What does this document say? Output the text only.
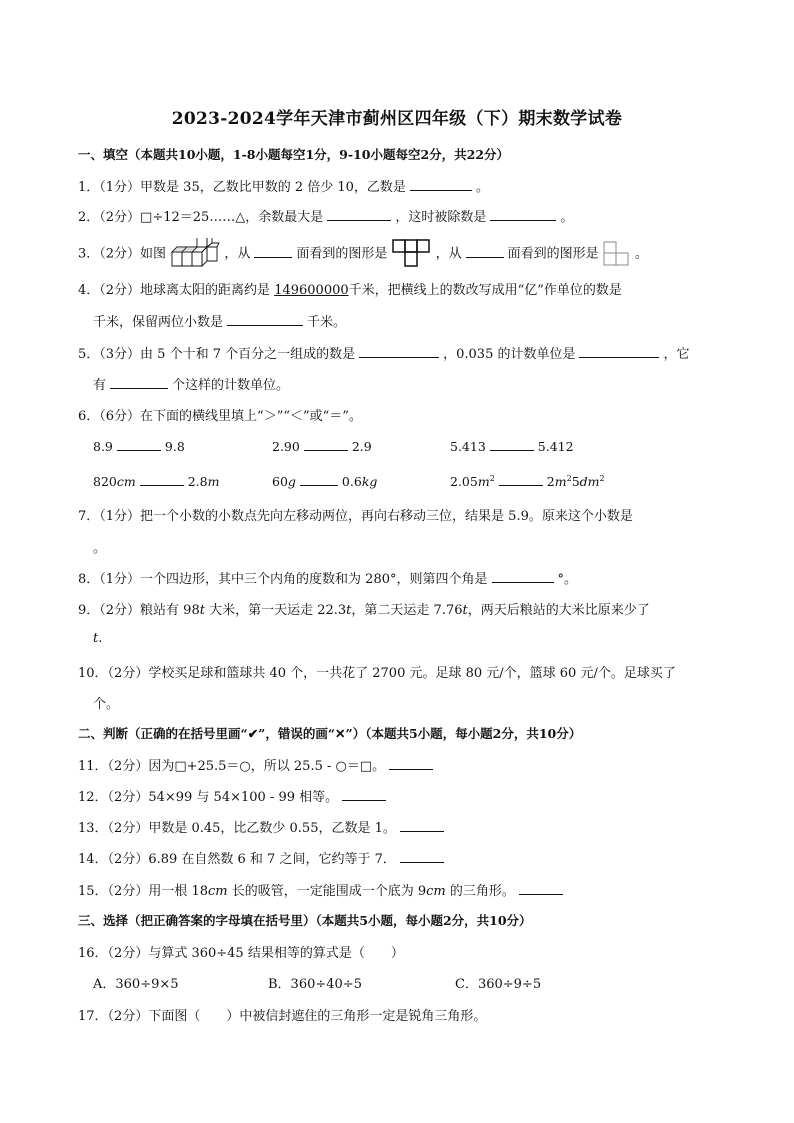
2023-2024学年天津市蓟州区四年级（下）期末数学试卷
一、填空（本题共10小题，1-8小题每空1分，9-10小题每空2分，共22分）
1．（1分）甲数是 35，乙数比甲数的 2 倍少 10，乙数是	。
2．（2分）□÷12＝25……△，余数最大是	，这时被除数是	。
3．（2分）如图	，从	面看到的图形是	，从	面看到的图形是	。
4．（2分）地球离太阳的距离约是 149600000千米，把横线上的数改写成用“亿”作单位的数是
千米，保留两位小数是	千米。
5．（3分）由 5 个十和 7 个百分之一组成的数是	，0.035 的计数单位是	，它
有	个这样的计数单位。
6．（6分）在下面的横线里填上“＞”“＜”或“＝”。
8.9	9.8	2.90	2.9	5.413	5.412
820cm	2.8m	60g	0.6kg	$2.05m^2$	$2m^25dm^2$
7．（1分）把一个小数的小数点先向左移动两位，再向右移动三位，结果是 5.9。原来这个小数是
。
8．（1分）一个四边形，其中三个内角的度数和为 280°，则第四个角是	°。
9．（2分）粮站有 98t 大米，第一天运走 22.3t，第二天运走 7.76t，两天后粮站的大米比原来少了
t.
10．（2分）学校买足球和篮球共 40 个，一共花了 2700 元。足球 80 元/个，篮球 60 元/个。足球买了
个。
二、判断（正确的在括号里画“✔”，错误的画“✕”）（本题共5小题，每小题2分，共10分）
11．（2分）因为□+25.5＝○，所以 25.5 - ○＝□。
12．（2分）54×99 与 54×100 - 99 相等。
13．（2分）甲数是 0.45，比乙数少 0.55，乙数是 1。
14．（2分）6.89 在自然数 6 和 7 之间，它约等于 7．
15．（2分）用一根 18cm 长的吸管，一定能围成一个底为 9cm 的三角形。
三、选择（把正确答案的字母填在括号里）（本题共5小题，每小题2分，共10分）
16．（2分）与算式 360÷45 结果相等的算式是（　　）
A．360÷9×5	B．360÷40÷5	C．360÷9÷5
17．（2分）下面图（　　）中被信封遮住的三角形一定是锐角三角形。
